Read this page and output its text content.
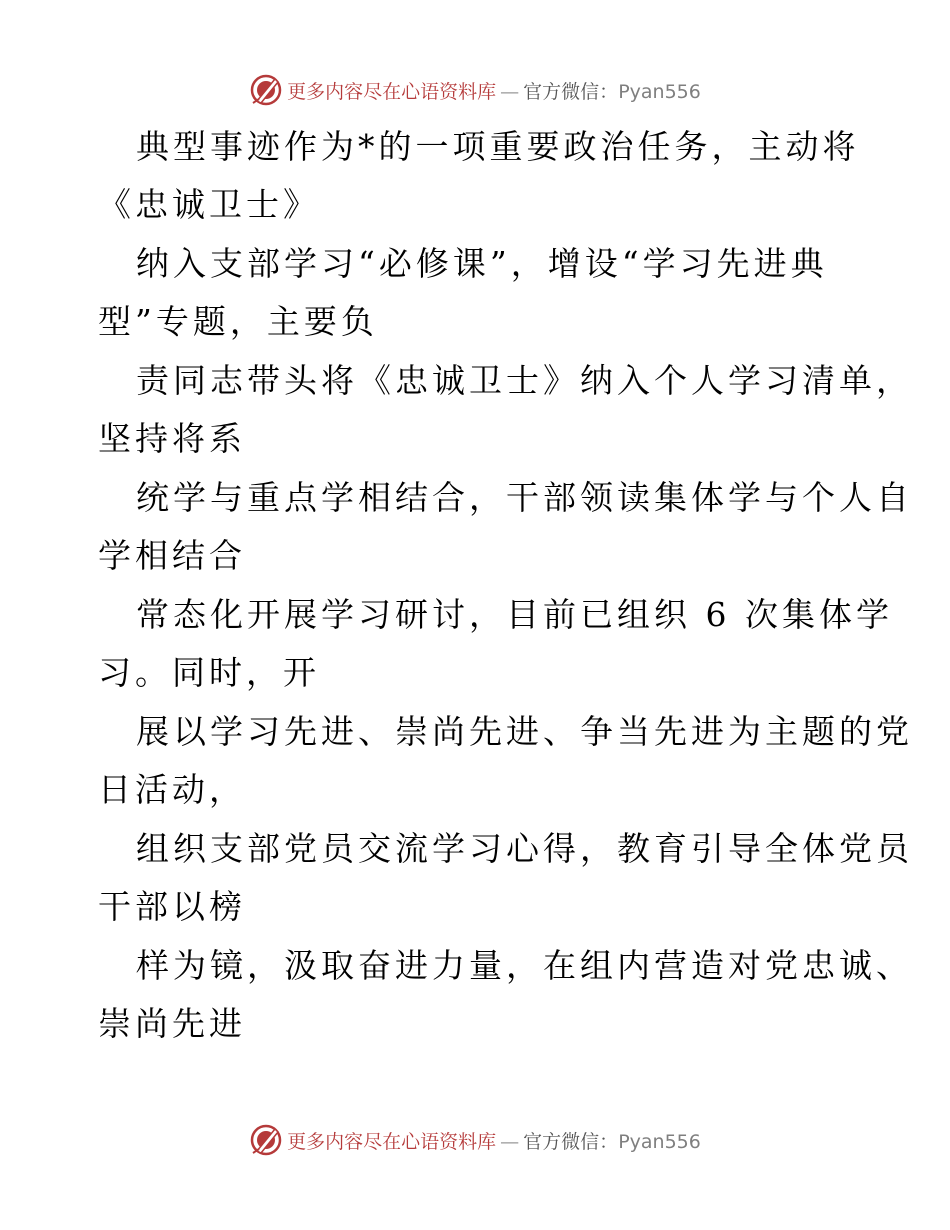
更多内容尽在心语资料库 — 官方微信：Pyan556
典型事迹作为*的一项重要政治任务，主动将
《忠诚卫士》
纳入支部学习“必修课”，增设“学习先进典
型”专题，主要负
责同志带头将《忠诚卫士》纳入个人学习清单，
坚持将系
统学与重点学相结合，干部领读集体学与个人自
学相结合
常态化开展学习研讨，目前已组织 6 次集体学
习。同时，开
展以学习先进、崇尚先进、争当先进为主题的党
日活动，
组织支部党员交流学习心得，教育引导全体党员
干部以榜
样为镜，汲取奋进力量，在组内营造对党忠诚、
崇尚先进
更多内容尽在心语资料库 — 官方微信：Pyan556
